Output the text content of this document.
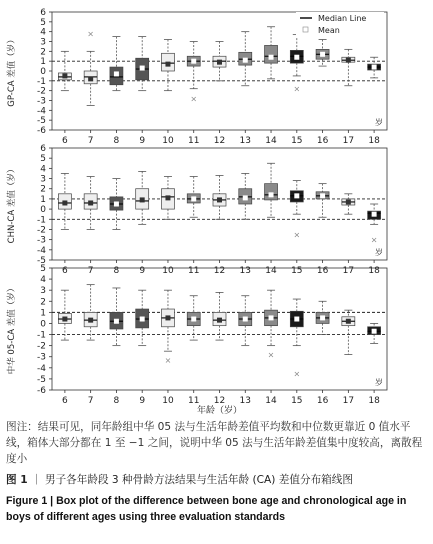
-6
-5
-4
-3
-2
-1
0
1
2
3
4
5
6
6 7 8 9 10 11 12 13 14 15 16 17 18
岁
GP-CA 差值（岁）
×
×
×
Median Line
Mean
-5
-4
-3
-2
-1
0
1
2
3
4
5
6
6 7 8 9 10 11 12 13 14 15 16 17 18
岁
CHN-CA 差值（岁）	×
×
-6
-5
-4
-3
-2
-1
0
1
2
3
4
5
6 7 8 9 10 11 12 13 14 15 16 17 18
岁
中华 05-CA 差值（岁）	×
×
×
年龄（岁）
图注：结果可见，同年龄组中华 05 法与生活年龄差值平均数和中位数更靠近 0 值水平线，箱体大部分都在 1 至 −1 之间，说明中华 05 法与生活年龄差值集中度较高，离散程度小
图 1 ｜ 男子各年龄段 3 种骨龄方法结果与生活年龄 (CA) 差值分布箱线图
Figure 1 | Box plot of the difference between bone age and chronological age in boys of different ages using three evaluation standards
